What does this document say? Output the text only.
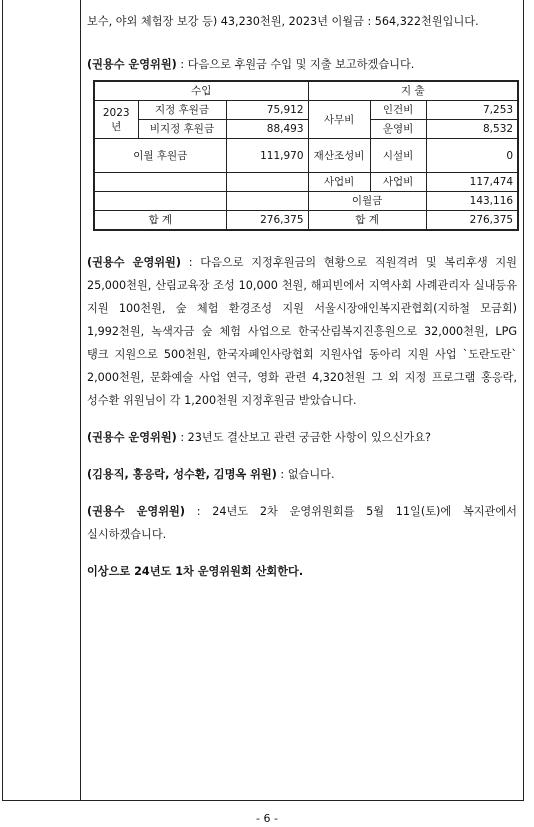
보수, 야외 체험장 보강 등) 43,230천원, 2023년 이월금 : 564,322천원입니다.

(권용수 운영위원) : 다음으로 후원금 수입 및 지출 보고하겠습니다.

수입			지 출		
2023년	지정 후원금	75,912	사무비	인건비	7,253
	비지정 후원금	88,493		운영비	8,532
이월 후원금		111,970	재산조성비	시설비	0
			사업비	사업비	117,474
			이월금		143,116
합 계		276,375	합 계		276,375

(권용수 운영위원) : 다음으로 지정후원금의 현황으로 직원격려 및 복리후생 지원 25,000천원, 산림교육장 조성 10,000 천원, 해피빈에서 지역사회 사례관리자 실내등유 지원 100천원, 숲 체험 환경조성 지원 서울시장애인복지관협회(지하철 모금회) 1,992천원, 녹색자금 숲 체험 사업으로 한국산림복지진흥원으로 32,000천원, LPG 탱크 지원으로 500천원, 한국자폐인사랑협회 지원사업 동아리 지원 사업 `도란도란` 2,000천원, 문화예술 사업 연극, 영화 관련 4,320천원 그 외 지정 프로그램 홍응락, 성수환 위원님이 각 1,200천원 지정후원금 받았습니다.

(권용수 운영위원) : 23년도 결산보고 관련 궁금한 사항이 있으신가요?

(김용직, 홍응락, 성수환, 김명옥 위원) : 없습니다.

(권용수 운영위원) : 24년도 2차 운영위원회를 5월 11일(토)에 복지관에서 실시하겠습니다.

이상으로 24년도 1차 운영위원회 산회한다.

- 6 -
